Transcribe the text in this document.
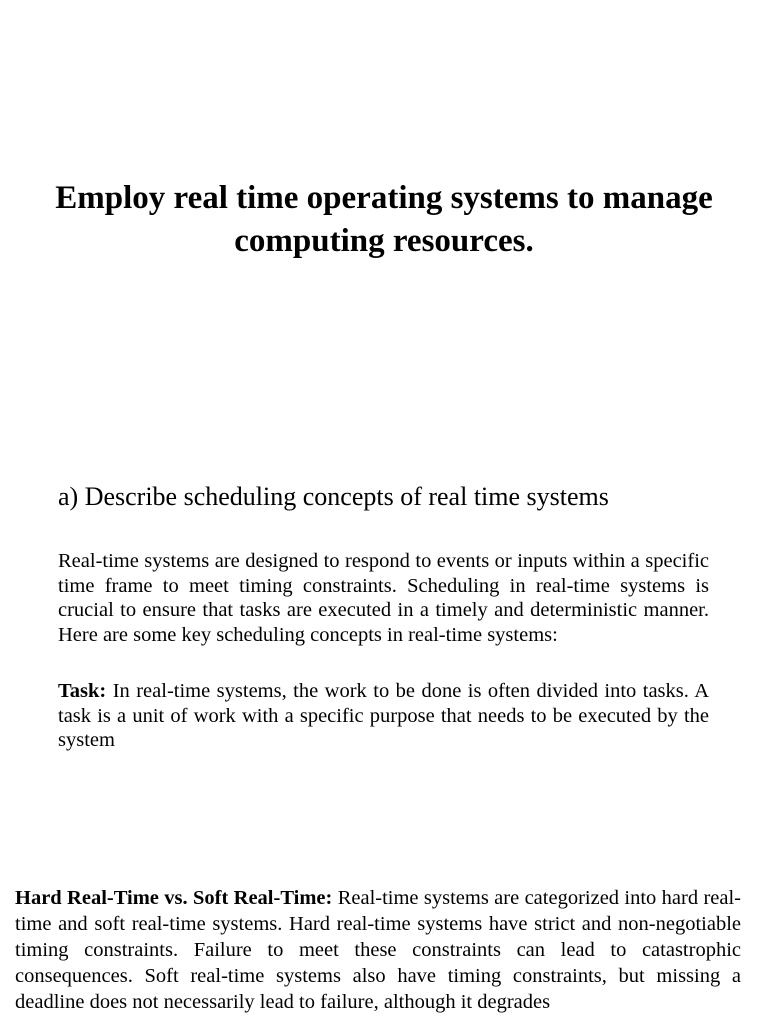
Employ real time operating systems to manage
computing resources.
a) Describe scheduling concepts of real time systems

Real-time systems are designed to respond to events or inputs within a specific time frame to meet timing constraints. Scheduling in real-time systems is crucial to ensure that tasks are executed in a timely and deterministic manner. Here are some key scheduling concepts in real-time systems:

Task: In real-time systems, the work to be done is often divided into tasks. A task is a unit of work with a specific purpose that needs to be executed by the system

Hard Real-Time vs. Soft Real-Time: Real-time systems are categorized into hard real-time and soft real-time systems. Hard real-time systems have strict and non-negotiable timing constraints. Failure to meet these constraints can lead to catastrophic consequences. Soft real-time systems also have timing constraints, but missing a deadline does not necessarily lead to failure, although it degrades
